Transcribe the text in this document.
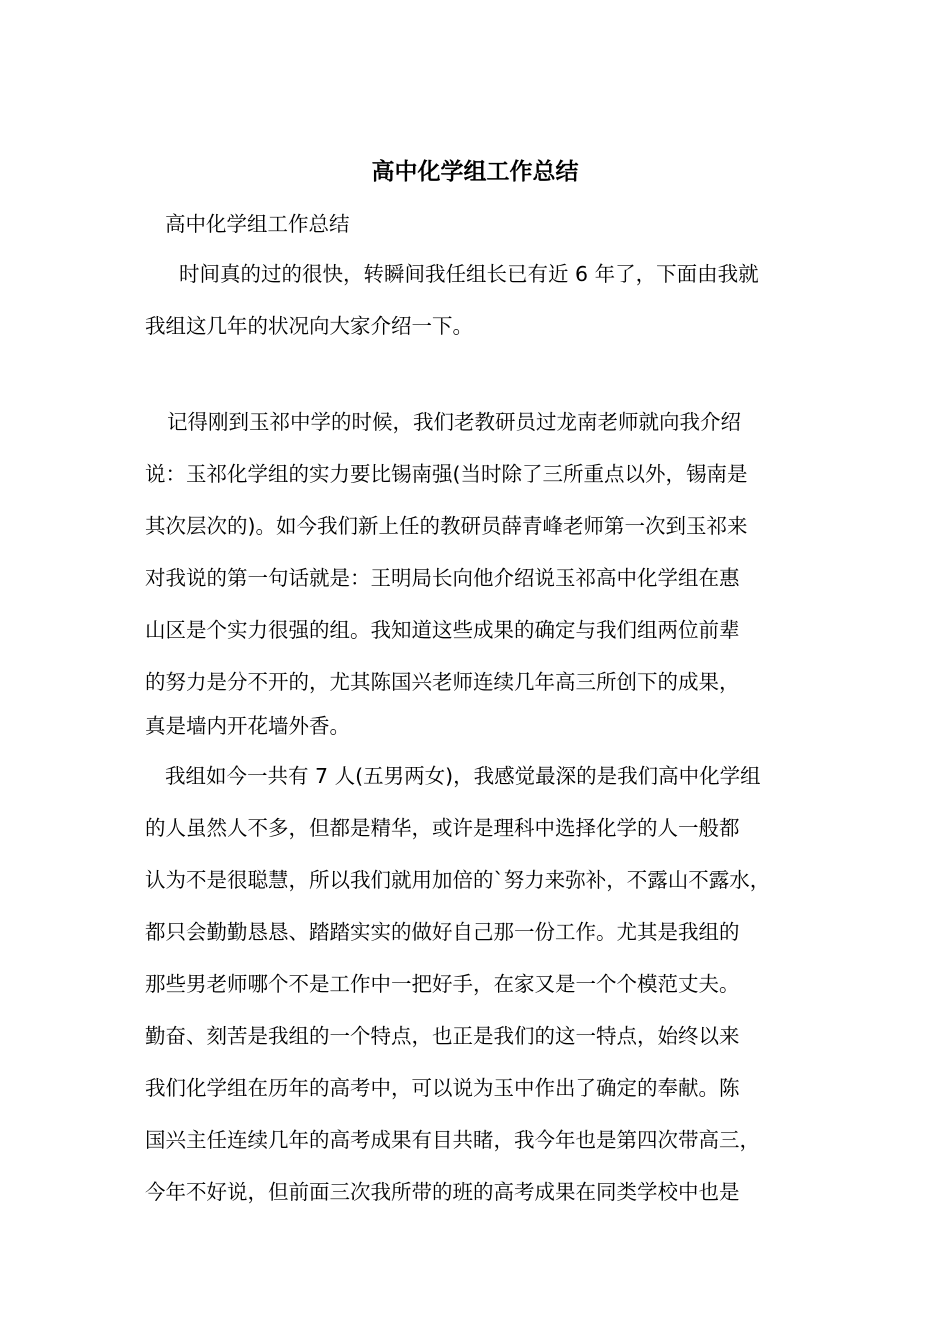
高中化学组工作总结
高中化学组工作总结
时间真的过的很快，转瞬间我任组长已有近 6 年了，下面由我就
我组这几年的状况向大家介绍一下。
记得刚到玉祁中学的时候，我们老教研员过龙南老师就向我介绍
说：玉祁化学组的实力要比锡南强(当时除了三所重点以外，锡南是
其次层次的)。如今我们新上任的教研员薛青峰老师第一次到玉祁来
对我说的第一句话就是：王明局长向他介绍说玉祁高中化学组在惠
山区是个实力很强的组。我知道这些成果的确定与我们组两位前辈
的努力是分不开的，尤其陈国兴老师连续几年高三所创下的成果，
真是墙内开花墙外香。
我组如今一共有 7 人(五男两女)，我感觉最深的是我们高中化学组
的人虽然人不多，但都是精华，或许是理科中选择化学的人一般都
认为不是很聪慧，所以我们就用加倍的`努力来弥补，不露山不露水，
都只会勤勤恳恳、踏踏实实的做好自己那一份工作。尤其是我组的
那些男老师哪个不是工作中一把好手，在家又是一个个模范丈夫。
勤奋、刻苦是我组的一个特点，也正是我们的这一特点，始终以来
我们化学组在历年的高考中，可以说为玉中作出了确定的奉献。陈
国兴主任连续几年的高考成果有目共睹，我今年也是第四次带高三，
今年不好说，但前面三次我所带的班的高考成果在同类学校中也是
